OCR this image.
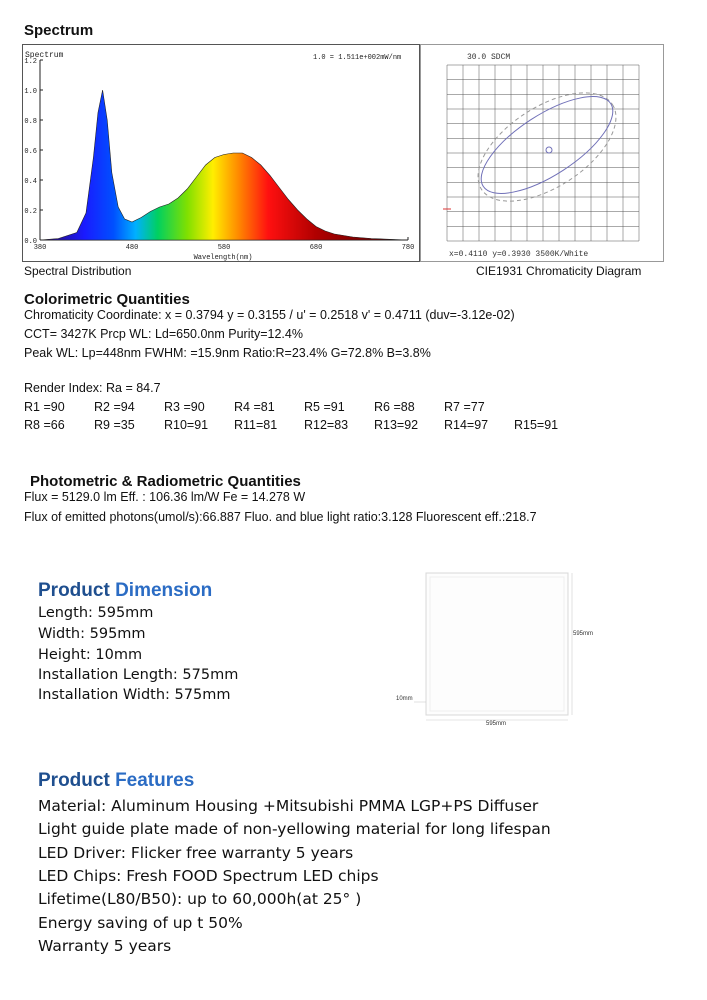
Spectrum
Spectrum	1.0 = 1.511e+002mW/nm
0.0
0.2
0.4
0.6
0.8
1.0
1.2
380	480	580	680	780
Wavelength(nm)
30.0 SDCM
x=0.4110 y=0.3930 3500K/White
Spectral Distribution	CIE1931 Chromaticity Diagram
Colorimetric Quantities
Chromaticity Coordinate: x = 0.3794 y = 0.3155 / u' = 0.2518 v' = 0.4711 (duv=-3.12e-02)
CCT= 3427K Prcp WL: Ld=650.0nm Purity=12.4%
Peak WL: Lp=448nm FWHM: =15.9nm Ratio:R=23.4% G=72.8% B=3.8%
Render Index: Ra = 84.7
R1 =90 R2 =94 R3 =90 R4 =81 R5 =91 R6 =88 R7 =77
R8 =66 R9 =35 R10=91 R11=81 R12=83 R13=92 R14=97 R15=91
Photometric & Radiometric Quantities
Flux = 5129.0 lm Eff. : 106.36 lm/W Fe = 14.278 W
Flux of emitted photons(umol/s):66.887 Fluo. and blue light ratio:3.128 Fluorescent eff.:218.7
Product Dimension
Length: 595mm
Width: 595mm
Height: 10mm
Installation Length: 575mm
Installation Width: 575mm
595mm
595mm
10mm
Product Features
Material: Aluminum Housing +Mitsubishi PMMA LGP+PS Diffuser
Light guide plate made of non-yellowing material for long lifespan
LED Driver: Flicker free warranty 5 years
LED Chips: Fresh FOOD Spectrum LED chips
Lifetime(L80/B50): up to 60,000h(at 25° )
Energy saving of up t 50%
Warranty 5 years
